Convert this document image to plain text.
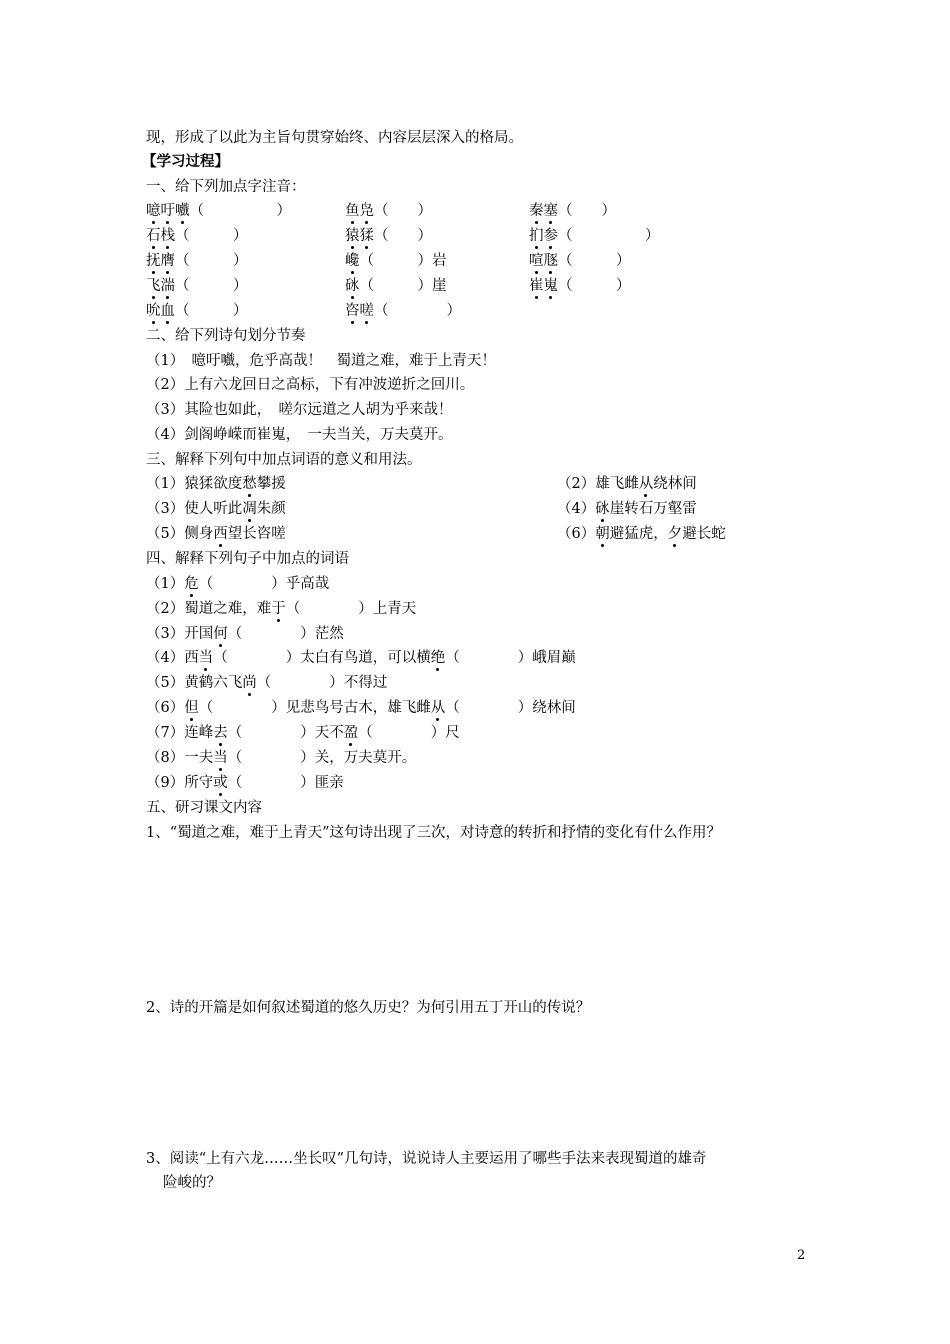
现，形成了以此为主旨句贯穿始终、内容层层深入的格局。
【学习过程】
一、给下列加点字注音：
噫吁嚱（　　　　　）	鱼凫（　　）	秦塞（　　）
石栈（　　　）	猿猱（　　）	扪参（　　　　　）
抚膺（　　　）	巉（　　　）岩	喧豗（　　　）
飞湍（　　　）	砯（　　　）崖	崔嵬（　　　）
吮血（　　　）	咨嗟（　　　　）
二、给下列诗句划分节奏
（1）　噫吁嚱，危乎高哉！　蜀道之难，难于上青天！
（2）上有六龙回日之高标，下有冲波逆折之回川。
（3）其险也如此，　嗟尔远道之人胡为乎来哉！
（4）剑阁峥嵘而崔嵬，　一夫当关，万夫莫开。
三、解释下列句中加点词语的意义和用法。
（1）猿猱欲度愁攀援	（2）雄飞雌从绕林间
（3）使人听此凋朱颜	（4）砯崖转石万壑雷
（5）侧身西望长咨嗟	（6）朝避猛虎，夕避长蛇
四、解释下列句子中加点的词语
（1）危（　　　　）乎高哉
（2）蜀道之难，难于（　　　　）上青天
（3）开国何（　　　　）茫然
（4）西当（　　　　）太白有鸟道，可以横绝（　　　　）峨眉巅
（5）黄鹤六飞尚（　　　　）不得过
（6）但（　　　　）见悲鸟号古木，雄飞雌从（　　　　）绕林间
（7）连峰去（　　　　）天不盈（　　　　）尺
（8）一夫当（　　　　）关，万夫莫开。
（9）所守或（　　　　）匪亲
五、研习课文内容
1、“蜀道之难，难于上青天”这句诗出现了三次，对诗意的转折和抒情的变化有什么作用？
2、诗的开篇是如何叙述蜀道的悠久历史？为何引用五丁开山的传说？
3、阅读“上有六龙……坐长叹”几句诗，说说诗人主要运用了哪些手法来表现蜀道的雄奇
险峻的？
2
